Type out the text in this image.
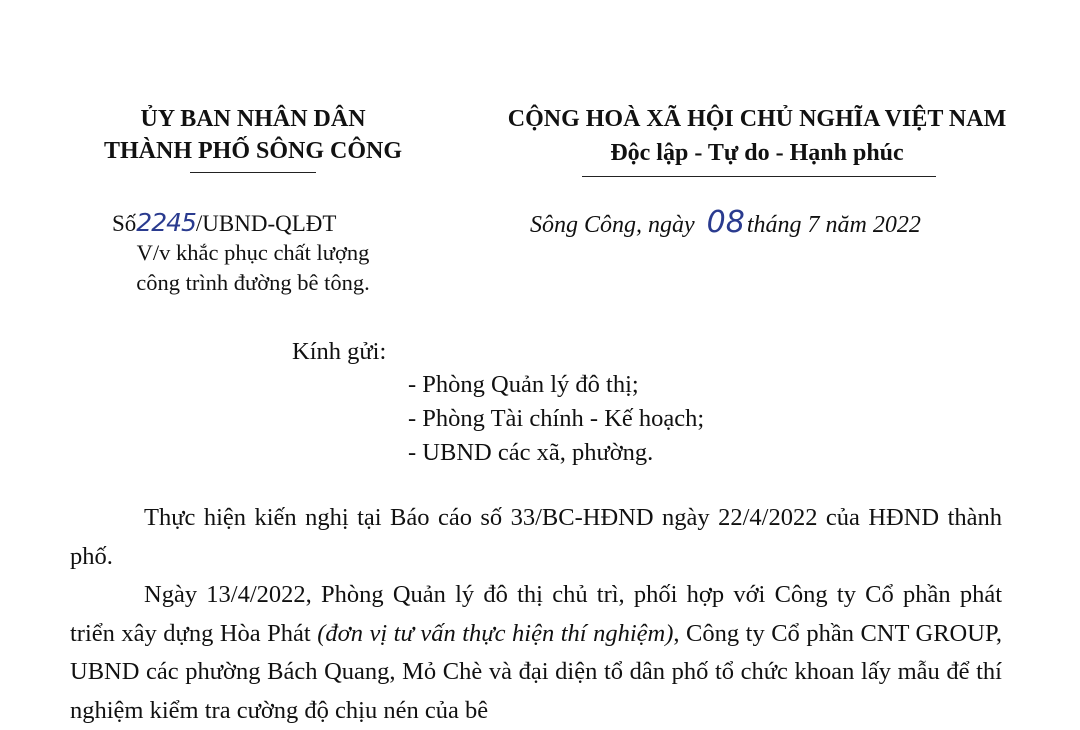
ỦY BAN NHÂN DÂN
THÀNH PHỐ SÔNG CÔNG
CỘNG HOÀ XÃ HỘI CHỦ NGHĨA VIỆT NAM
Độc lập - Tự do - Hạnh phúc
Số2245/UBND-QLĐT
V/v khắc phục chất lượng
công trình đường bê tông.
Sông Công, ngày 08tháng 7 năm 2022
Kính gửi:
- Phòng Quản lý đô thị;
- Phòng Tài chính - Kế hoạch;
- UBND các xã, phường.
Thực hiện kiến nghị tại Báo cáo số 33/BC-HĐND ngày 22/4/2022 của HĐND thành phố.
Ngày 13/4/2022, Phòng Quản lý đô thị chủ trì, phối hợp với Công ty Cổ phần phát triển xây dựng Hòa Phát (đơn vị tư vấn thực hiện thí nghiệm), Công ty Cổ phần CNT GROUP, UBND các phường Bách Quang, Mỏ Chè và đại diện tổ dân phố tổ chức khoan lấy mẫu để thí nghiệm kiểm tra cường độ chịu nén của bê
